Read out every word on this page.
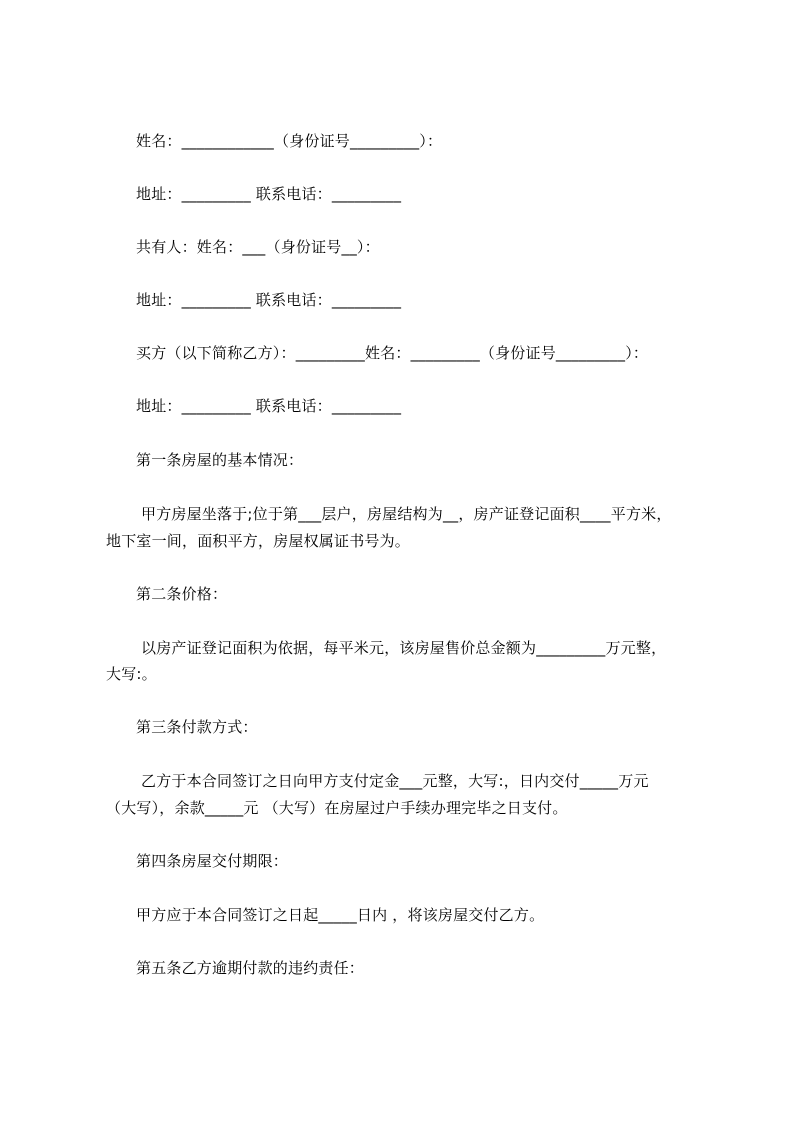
姓名：____________（身份证号_________）：
地址：_________ 联系电话：_________
共有人：姓名：___（身份证号__）：
地址：_________ 联系电话：_________
买方（以下简称乙方）：_________姓名：_________（身份证号_________）：
地址：_________ 联系电话：_________
第一条房屋的基本情况：
甲方房屋坐落于;位于第___层户，房屋结构为__，房产证登记面积____平方米，
地下室一间，面积平方，房屋权属证书号为。
第二条价格：
以房产证登记面积为依据，每平米元，该房屋售价总金额为_________万元整，
大写:。
第三条付款方式：
乙方于本合同签订之日向甲方支付定金___元整，大写:，日内交付_____万元
（大写），余款_____元 （大写）在房屋过户手续办理完毕之日支付。
第四条房屋交付期限：
甲方应于本合同签订之日起_____日内 ，将该房屋交付乙方。
第五条乙方逾期付款的违约责任：
